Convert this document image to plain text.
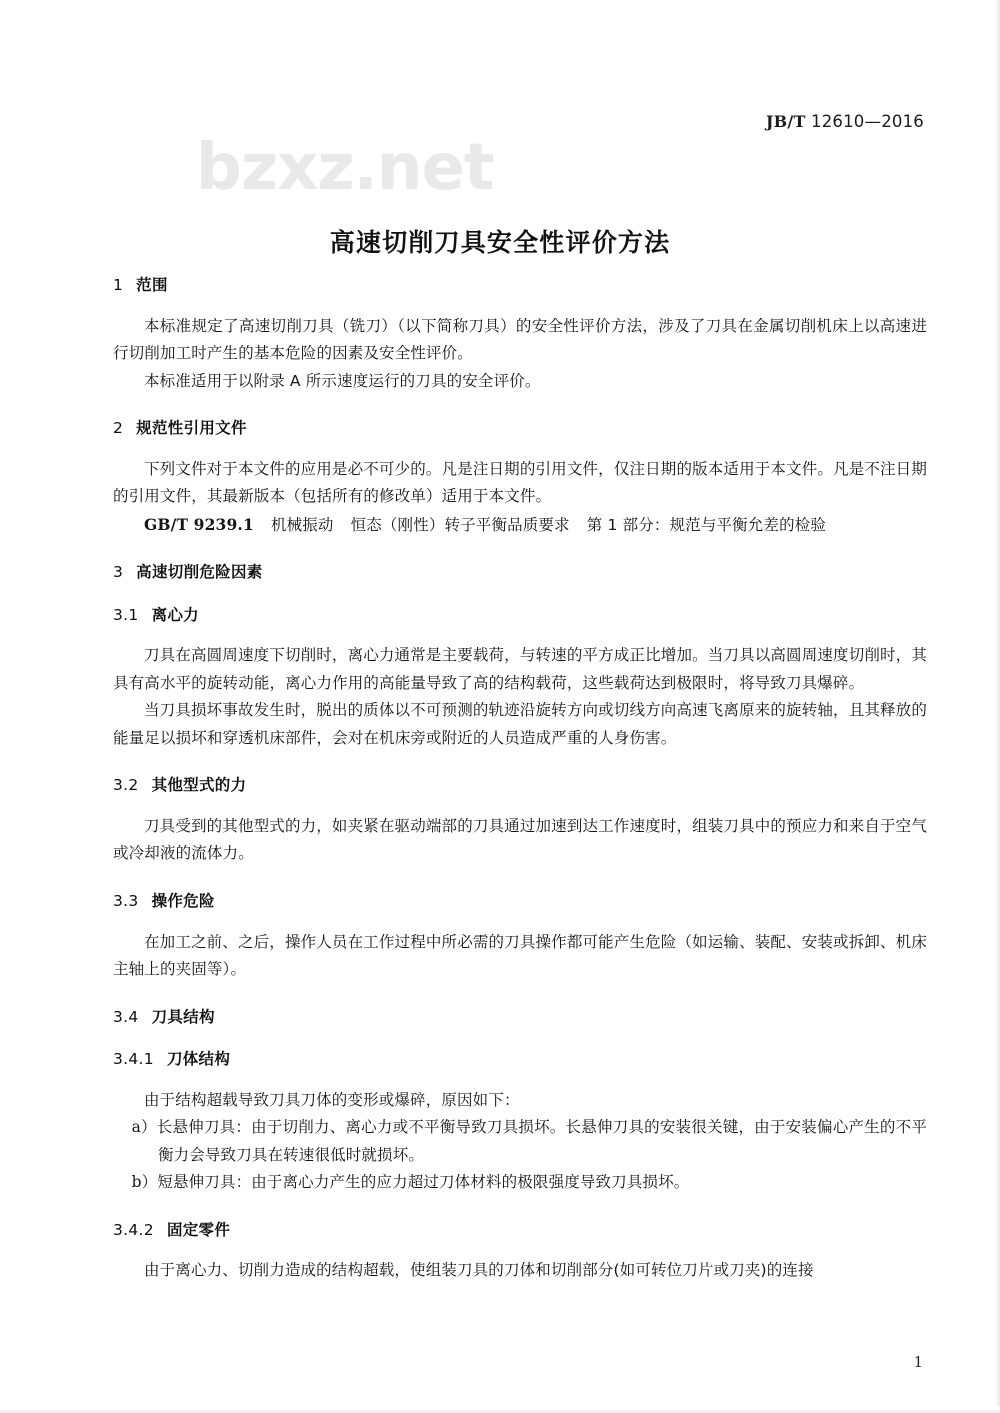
JB/T 12610—2016
bzxz.net
高速切削刀具安全性评价方法
1 范围

本标准规定了高速切削刀具（铣刀）（以下简称刀具）的安全性评价方法，涉及了刀具在金属切削机床上以高速进行切削加工时产生的基本危险的因素及安全性评价。

本标准适用于以附录 A 所示速度运行的刀具的安全评价。

2 规范性引用文件

下列文件对于本文件的应用是必不可少的。凡是注日期的引用文件，仅注日期的版本适用于本文件。凡是不注日期的引用文件，其最新版本（包括所有的修改单）适用于本文件。

GB/T 9239.1 机械振动 恒态（刚性）转子平衡品质要求 第 1 部分：规范与平衡允差的检验

3 高速切削危险因素
3.1 离心力

刀具在高圆周速度下切削时，离心力通常是主要载荷，与转速的平方成正比增加。当刀具以高圆周速度切削时，其具有高水平的旋转动能，离心力作用的高能量导致了高的结构载荷，这些载荷达到极限时，将导致刀具爆碎。

当刀具损坏事故发生时，脱出的质体以不可预测的轨迹沿旋转方向或切线方向高速飞离原来的旋转轴，且其释放的能量足以损坏和穿透机床部件，会对在机床旁或附近的人员造成严重的人身伤害。

3.2 其他型式的力

刀具受到的其他型式的力，如夹紧在驱动端部的刀具通过加速到达工作速度时，组装刀具中的预应力和来自于空气或冷却液的流体力。

3.3 操作危险

在加工之前、之后，操作人员在工作过程中所必需的刀具操作都可能产生危险（如运输、装配、安装或拆卸、机床主轴上的夹固等）。

3.4 刀具结构
3.4.1 刀体结构

由于结构超载导致刀具刀体的变形或爆碎，原因如下：

a）长悬伸刀具：由于切削力、离心力或不平衡导致刀具损坏。长悬伸刀具的安装很关键，由于安装偏心产生的不平衡力会导致刀具在转速很低时就损坏。
b）短悬伸刀具：由于离心力产生的应力超过刀体材料的极限强度导致刀具损坏。
3.4.2 固定零件

由于离心力、切削力造成的结构超载，使组装刀具的刀体和切削部分(如可转位刀片或刀夹)的连接

1
